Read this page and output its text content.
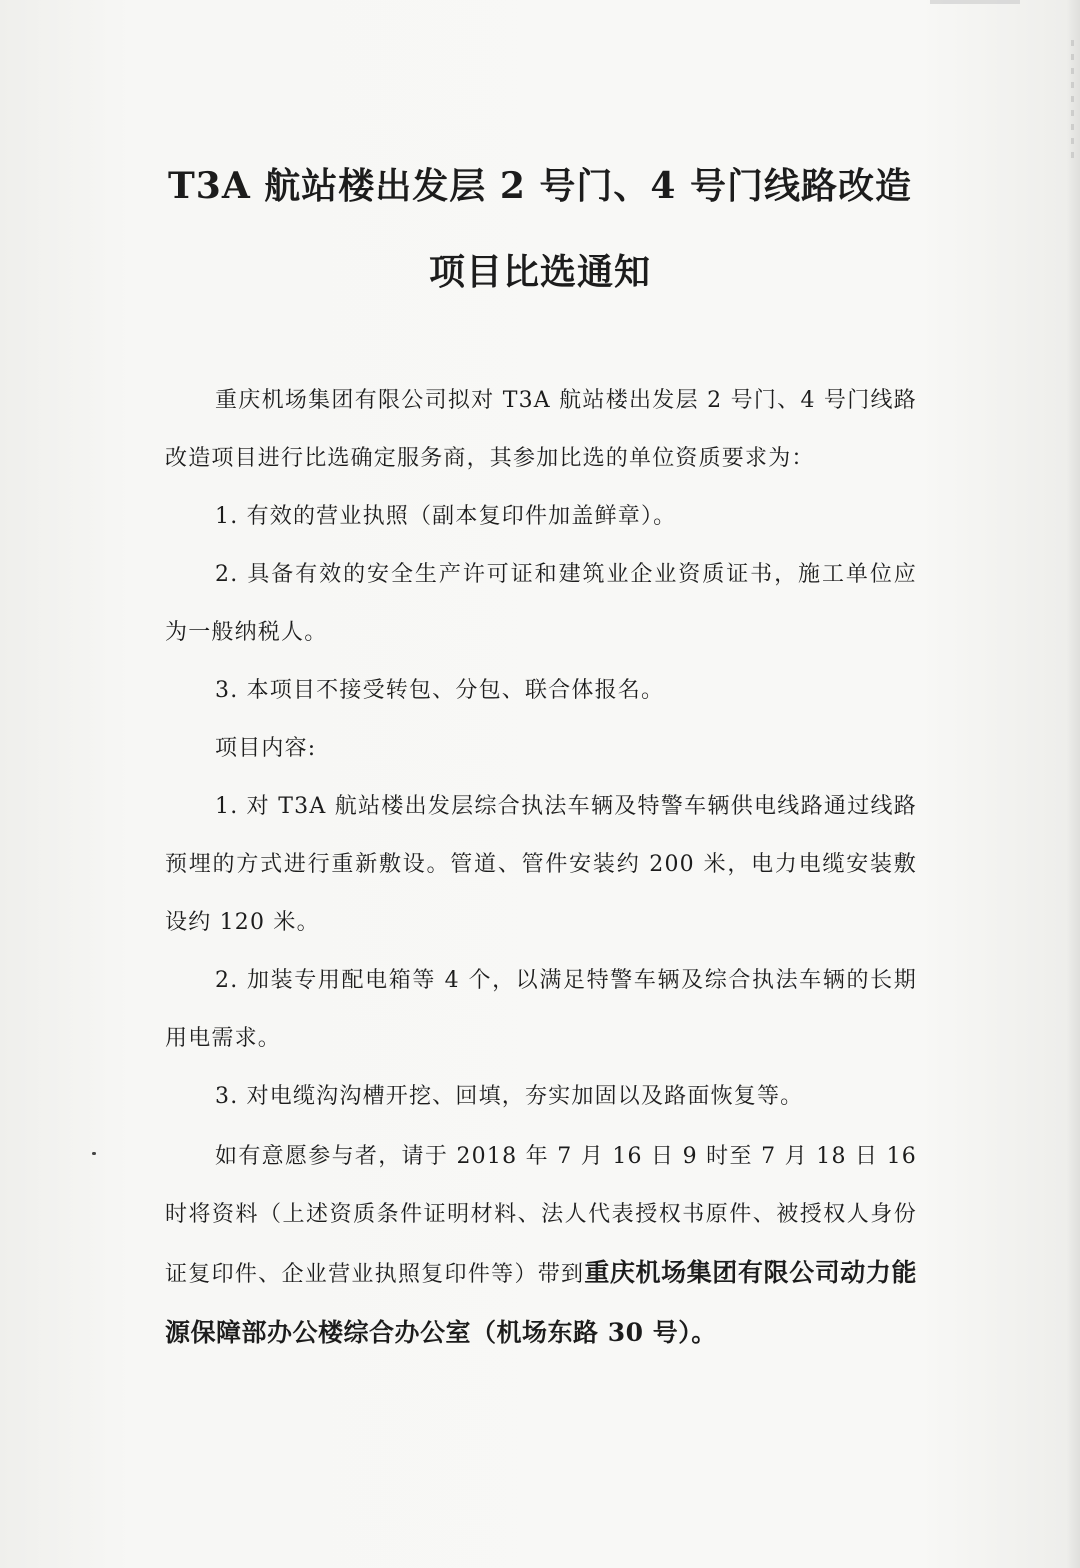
T3A 航站楼出发层 2 号门、4 号门线路改造
项目比选通知
重庆机场集团有限公司拟对 T3A 航站楼出发层 2 号门、4 号门线路改造项目进行比选确定服务商，其参加比选的单位资质要求为：
1. 有效的营业执照（副本复印件加盖鲜章）。
2. 具备有效的安全生产许可证和建筑业企业资质证书，施工单位应为一般纳税人。
3. 本项目不接受转包、分包、联合体报名。
项目内容:
1. 对 T3A 航站楼出发层综合执法车辆及特警车辆供电线路通过线路预埋的方式进行重新敷设。管道、管件安装约 200 米，电力电缆安装敷设约 120 米。
2. 加装专用配电箱等 4 个，以满足特警车辆及综合执法车辆的长期用电需求。
3. 对电缆沟沟槽开挖、回填，夯实加固以及路面恢复等。
如有意愿参与者，请于 2018 年 7 月 16 日 9 时至 7 月 18 日 16 时将资料（上述资质条件证明材料、法人代表授权书原件、被授权人身份证复印件、企业营业执照复印件等）带到重庆机场集团有限公司动力能源保障部办公楼综合办公室（机场东路 30 号）。
